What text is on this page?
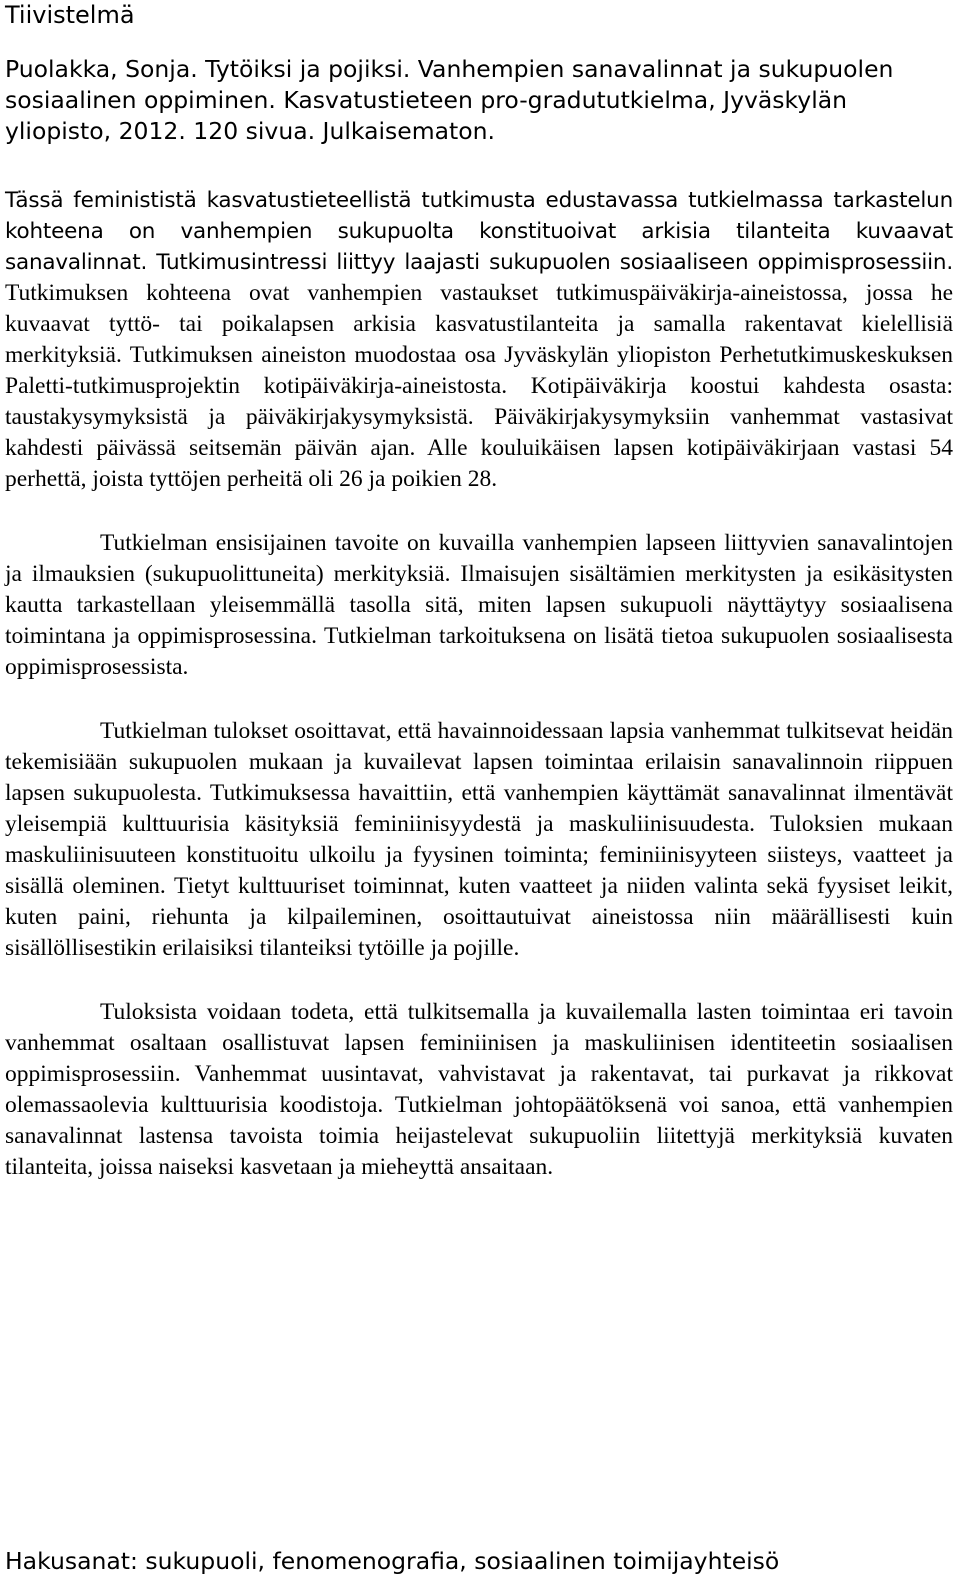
Tiivistelmä

Puolakka, Sonja. Tytöiksi ja pojiksi. Vanhempien sanavalinnat ja sukupuolen sosiaalinen oppiminen. Kasvatustieteen pro-gradututkielma, Jyväskylän yliopisto, 2012. 120 sivua. Julkaisematon.

Tässä feminististä kasvatustieteellistä tutkimusta edustavassa tutkielmassa tarkastelun kohteena on vanhempien sukupuolta konstituoivat arkisia tilanteita kuvaavat sanavalinnat. Tutkimusintressi liittyy laajasti sukupuolen sosiaaliseen oppimisprosessiin. Tutkimuksen kohteena ovat vanhempien vastaukset tutkimuspäiväkirja-aineistossa, jossa he kuvaavat tyttö- tai poikalapsen arkisia kasvatustilanteita ja samalla rakentavat kielellisiä merkityksiä. Tutkimuksen aineiston muodostaa osa Jyväskylän yliopiston Perhetutkimuskeskuksen Paletti-tutkimusprojektin kotipäiväkirja-aineistosta. Kotipäiväkirja koostui kahdesta osasta: taustakysymyksistä ja päiväkirjakysymyksistä. Päiväkirjakysymyksiin vanhemmat vastasivat kahdesti päivässä seitsemän päivän ajan. Alle kouluikäisen lapsen kotipäiväkirjaan vastasi 54 perhettä, joista tyttöjen perheitä oli 26 ja poikien 28.

Tutkielman ensisijainen tavoite on kuvailla vanhempien lapseen liittyvien sanavalintojen ja ilmauksien (sukupuolittuneita) merkityksiä. Ilmaisujen sisältämien merkitysten ja esikäsitysten kautta tarkastellaan yleisemmällä tasolla sitä, miten lapsen sukupuoli näyttäytyy sosiaalisena toimintana ja oppimisprosessina. Tutkielman tarkoituksena on lisätä tietoa sukupuolen sosiaalisesta oppimisprosessista.

Tutkielman tulokset osoittavat, että havainnoidessaan lapsia vanhemmat tulkitsevat heidän tekemisiään sukupuolen mukaan ja kuvailevat lapsen toimintaa erilaisin sanavalinnoin riippuen lapsen sukupuolesta. Tutkimuksessa havaittiin, että vanhempien käyttämät sanavalinnat ilmentävät yleisempiä kulttuurisia käsityksiä feminiinisyydestä ja maskuliinisuudesta. Tuloksien mukaan maskuliinisuuteen konstituoitu ulkoilu ja fyysinen toiminta; feminiinisyyteen siisteys, vaatteet ja sisällä oleminen. Tietyt kulttuuriset toiminnat, kuten vaatteet ja niiden valinta sekä fyysiset leikit, kuten paini, riehunta ja kilpaileminen, osoittautuivat aineistossa niin määrällisesti kuin sisällöllisestikin erilaisiksi tilanteiksi tytöille ja pojille.

Tuloksista voidaan todeta, että tulkitsemalla ja kuvailemalla lasten toimintaa eri tavoin vanhemmat osaltaan osallistuvat lapsen feminiinisen ja maskuliinisen identiteetin sosiaalisen oppimisprosessiin. Vanhemmat uusintavat, vahvistavat ja rakentavat, tai purkavat ja rikkovat olemassaolevia kulttuurisia koodistoja. Tutkielman johtopäätöksenä voi sanoa, että vanhempien sanavalinnat lastensa tavoista toimia heijastelevat sukupuoliin liitettyjä merkityksiä kuvaten tilanteita, joissa naiseksi kasvetaan ja mieheyttä ansaitaan.

Hakusanat: sukupuoli, fenomenografia, sosiaalinen toimijayhteisö
